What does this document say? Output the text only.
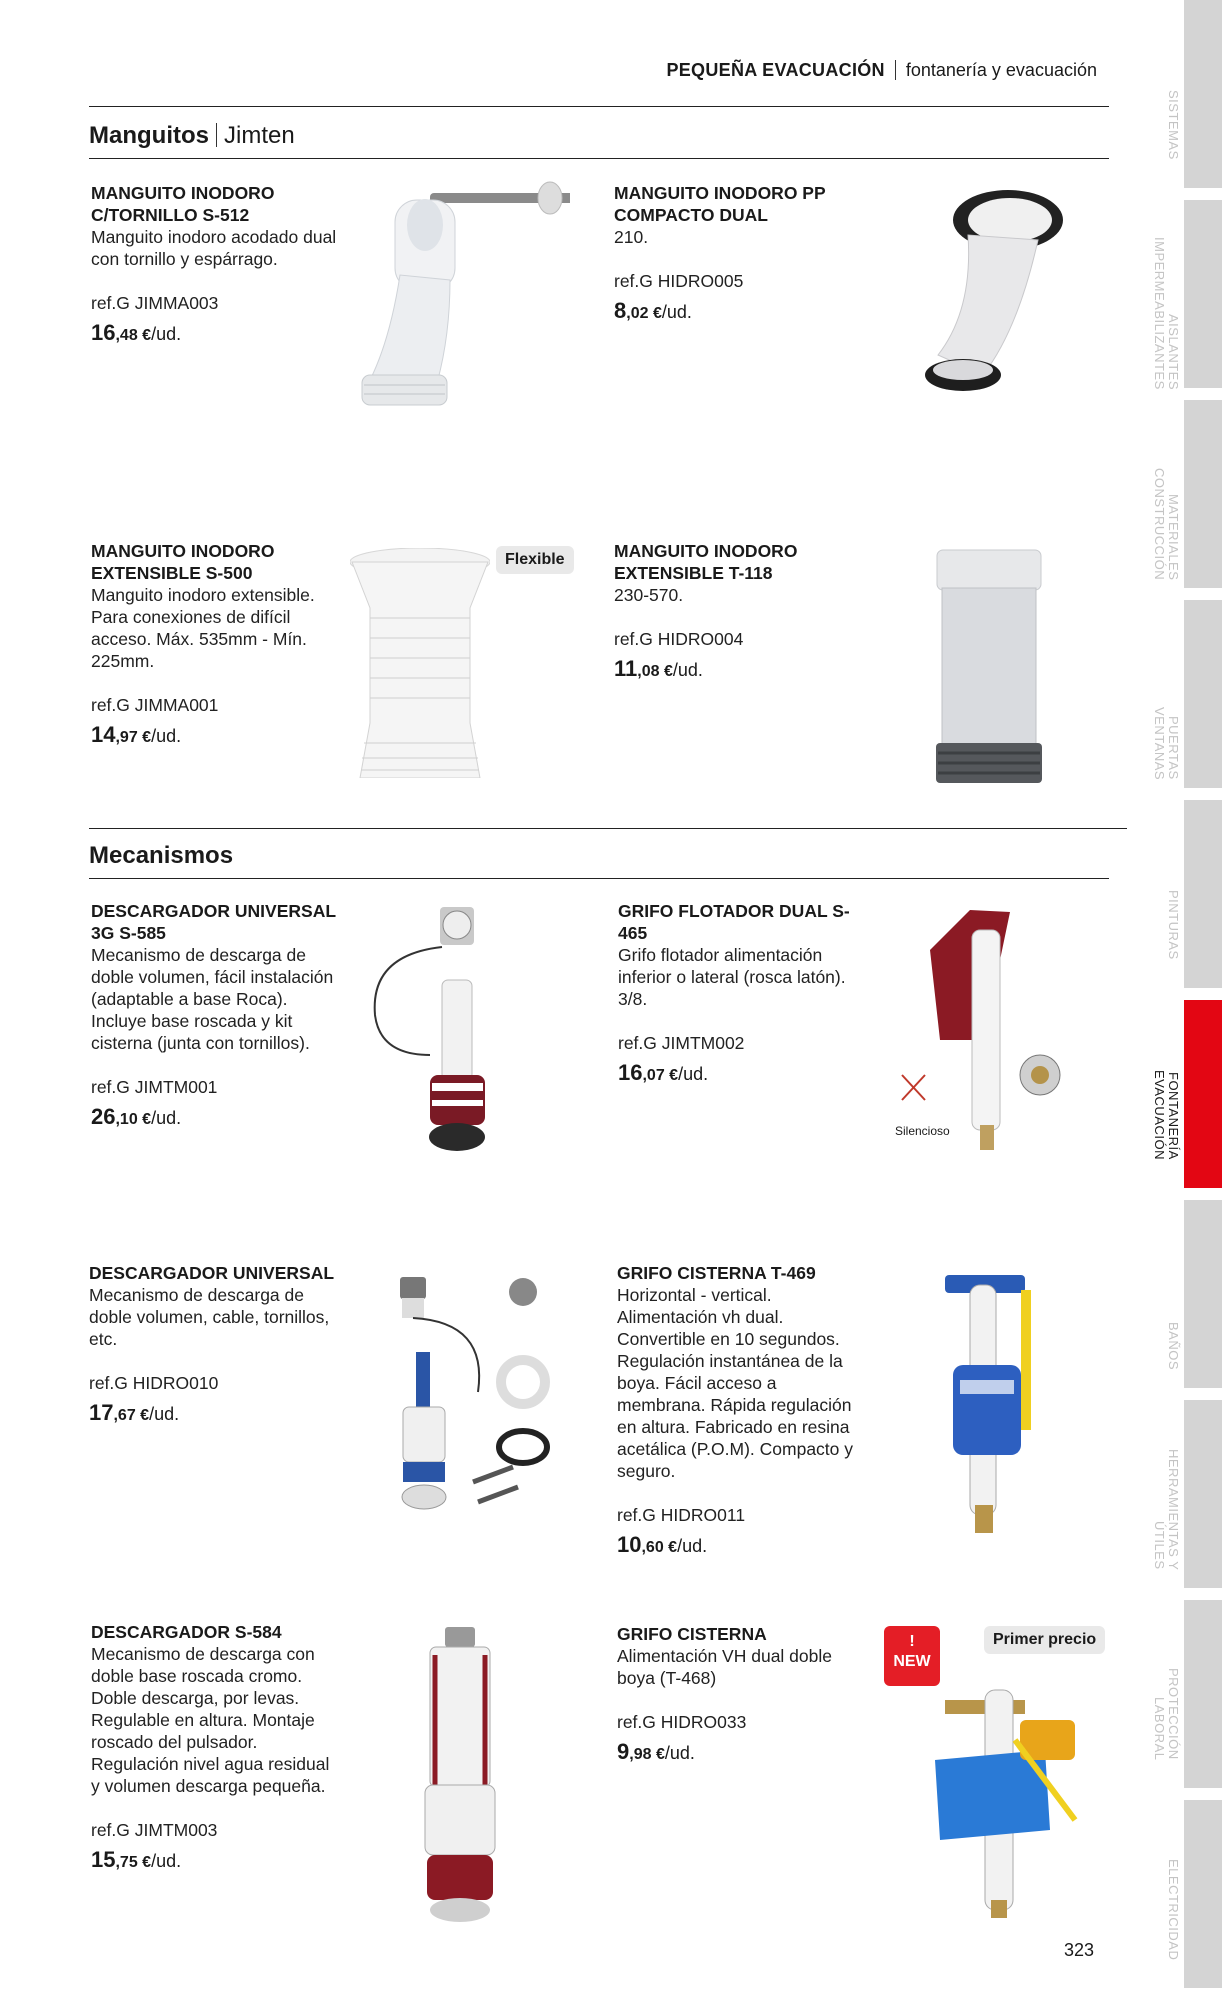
PEQUEÑA EVACUACIÓN fontanería y evacuación
Manguitos Jimten
MANGUITO INODORO C/TORNILLO S-512
Manguito inodoro acodado dual con tornillo y espárrago.
ref.G JIMMA003
16,48 €/ud.
MANGUITO INODORO PP COMPACTO DUAL
210.
ref.G HIDRO005
8,02 €/ud.
MANGUITO INODORO EXTENSIBLE S-500
Manguito inodoro extensible. Para conexiones de difícil acceso. Máx. 535mm - Mín. 225mm.
ref.G JIMMA001
14,97 €/ud.
Flexible	MANGUITO INODORO EXTENSIBLE T-118
230-570.
ref.G HIDRO004
11,08 €/ud.
Mecanismos
DESCARGADOR UNIVERSAL 3G S-585
Mecanismo de descarga de doble volumen, fácil instalación (adaptable a base Roca). Incluye base roscada y kit cisterna (junta con tornillos).
ref.G JIMTM001
26,10 €/ud.
GRIFO FLOTADOR DUAL S-465
Grifo flotador alimentación inferior o lateral (rosca latón). 3/8.
ref.G JIMTM002
16,07 €/ud.
Silencioso
DESCARGADOR UNIVERSAL
Mecanismo de descarga de doble volumen, cable, tornillos, etc.
ref.G HIDRO010
17,67 €/ud.
GRIFO CISTERNA T-469
Horizontal - vertical. Alimentación vh dual. Convertible en 10 segundos. Regulación instantánea de la boya. Fácil acceso a membrana. Rápida regulación en altura. Fabricado en resina acetálica (P.O.M). Compacto y seguro.
ref.G HIDRO011
10,60 €/ud.
DESCARGADOR S-584
Mecanismo de descarga con doble base roscada cromo. Doble descarga, por levas. Regulable en altura. Montaje roscado del pulsador. Regulación nivel agua residual y volumen descarga pequeña.
ref.G JIMTM003
15,75 €/ud.
GRIFO CISTERNA
Alimentación VH dual doble boya (T-468)
ref.G HIDRO033
9,98 €/ud.
!
NEW
Primer precio
SISTEMAS
AISLANTES IMPERMEABILIZANTES
MATERIALES CONSTRUCCIÓN
PUERTAS VENTANAS
PINTURAS
FONTANERÍA EVACUACIÓN
BAÑOS
HERRAMIENTAS Y ÚTILES
PROTECCIÓN LABORAL
ELECTRICIDAD
323
